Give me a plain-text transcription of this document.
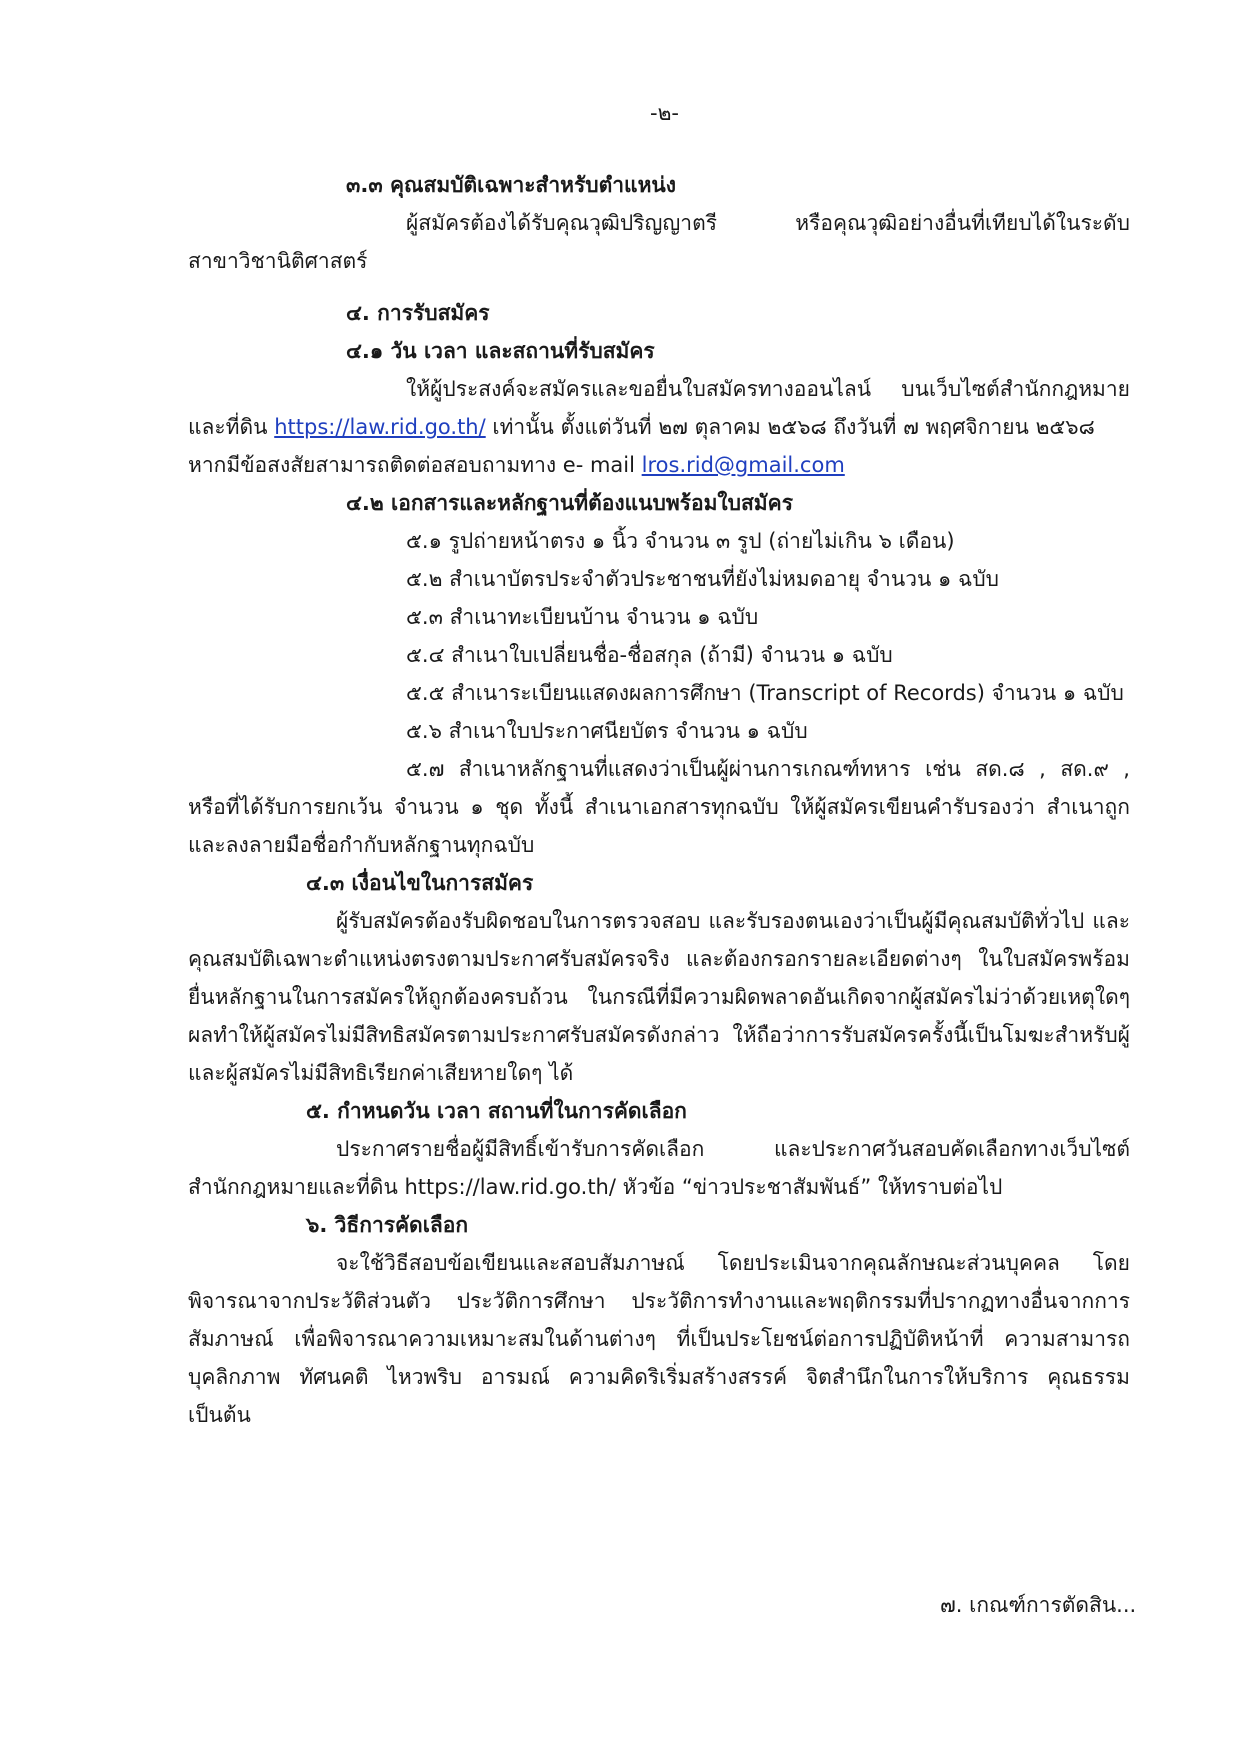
-๒-
๓.๓ คุณสมบัติเฉพาะสำหรับตำแหน่ง
ผู้สมัครต้องได้รับคุณวุฒิปริญญาตรี หรือคุณวุฒิอย่างอื่นที่เทียบได้ในระดับ
สาขาวิชานิติศาสตร์
๔. การรับสมัคร
๔.๑ วัน เวลา และสถานที่รับสมัคร
ให้ผู้ประสงค์จะสมัครและขอยื่นใบสมัครทางออนไลน์ บนเว็บไซต์สำนักกฎหมาย
และที่ดิน https://law.rid.go.th/ เท่านั้น ตั้งแต่วันที่ ๒๗ ตุลาคม ๒๕๖๘ ถึงวันที่ ๗ พฤศจิกายน ๒๕๖๘
หากมีข้อสงสัยสามารถติดต่อสอบถามทาง e- mail lros.rid@gmail.com
๔.๒ เอกสารและหลักฐานที่ต้องแนบพร้อมใบสมัคร
๕.๑ รูปถ่ายหน้าตรง ๑ นิ้ว จำนวน ๓ รูป (ถ่ายไม่เกิน ๖ เดือน)
๕.๒ สำเนาบัตรประจำตัวประชาชนที่ยังไม่หมดอายุ จำนวน ๑ ฉบับ
๕.๓ สำเนาทะเบียนบ้าน จำนวน ๑ ฉบับ
๕.๔ สำเนาใบเปลี่ยนชื่อ-ชื่อสกุล (ถ้ามี) จำนวน ๑ ฉบับ
๕.๕ สำเนาระเบียนแสดงผลการศึกษา (Transcript of Records) จำนวน ๑ ฉบับ
๕.๖ สำเนาใบประกาศนียบัตร จำนวน ๑ ฉบับ
๕.๗ สำเนาหลักฐานที่แสดงว่าเป็นผู้ผ่านการเกณฑ์ทหาร เช่น สด.๘ , สด.๙ ,
หรือที่ได้รับการยกเว้น จำนวน ๑ ชุด ทั้งนี้ สำเนาเอกสารทุกฉบับ ให้ผู้สมัครเขียนคำรับรองว่า สำเนาถูก
และลงลายมือชื่อกำกับหลักฐานทุกฉบับ
๔.๓ เงื่อนไขในการสมัคร
ผู้รับสมัครต้องรับผิดชอบในการตรวจสอบ และรับรองตนเองว่าเป็นผู้มีคุณสมบัติทั่วไป และ
คุณสมบัติเฉพาะตำแหน่งตรงตามประกาศรับสมัครจริง และต้องกรอกรายละเอียดต่างๆ ในใบสมัครพร้อม
ยื่นหลักฐานในการสมัครให้ถูกต้องครบถ้วน ในกรณีที่มีความผิดพลาดอันเกิดจากผู้สมัครไม่ว่าด้วยเหตุใดๆ
ผลทำให้ผู้สมัครไม่มีสิทธิสมัครตามประกาศรับสมัครดังกล่าว ให้ถือว่าการรับสมัครครั้งนี้เป็นโมฆะสำหรับผู้
และผู้สมัครไม่มีสิทธิเรียกค่าเสียหายใดๆ ได้
๕. กำหนดวัน เวลา สถานที่ในการคัดเลือก
ประกาศรายชื่อผู้มีสิทธิ์เข้ารับการคัดเลือก และประกาศวันสอบคัดเลือกทางเว็บไซต์
สำนักกฎหมายและที่ดิน https://law.rid.go.th/ หัวข้อ “ข่าวประชาสัมพันธ์” ให้ทราบต่อไป
๖. วิธีการคัดเลือก
จะใช้วิธีสอบข้อเขียนและสอบสัมภาษณ์ โดยประเมินจากคุณลักษณะส่วนบุคคล โดย
พิจารณาจากประวัติส่วนตัว ประวัติการศึกษา ประวัติการทำงานและพฤติกรรมที่ปรากฏทางอื่นจากการ
สัมภาษณ์ เพื่อพิจารณาความเหมาะสมในด้านต่างๆ ที่เป็นประโยชน์ต่อการปฏิบัติหน้าที่ ความสามารถ
บุคลิกภาพ ทัศนคติ ไหวพริบ อารมณ์ ความคิดริเริ่มสร้างสรรค์ จิตสำนึกในการให้บริการ คุณธรรม
เป็นต้น
๗. เกณฑ์การตัดสิน...
